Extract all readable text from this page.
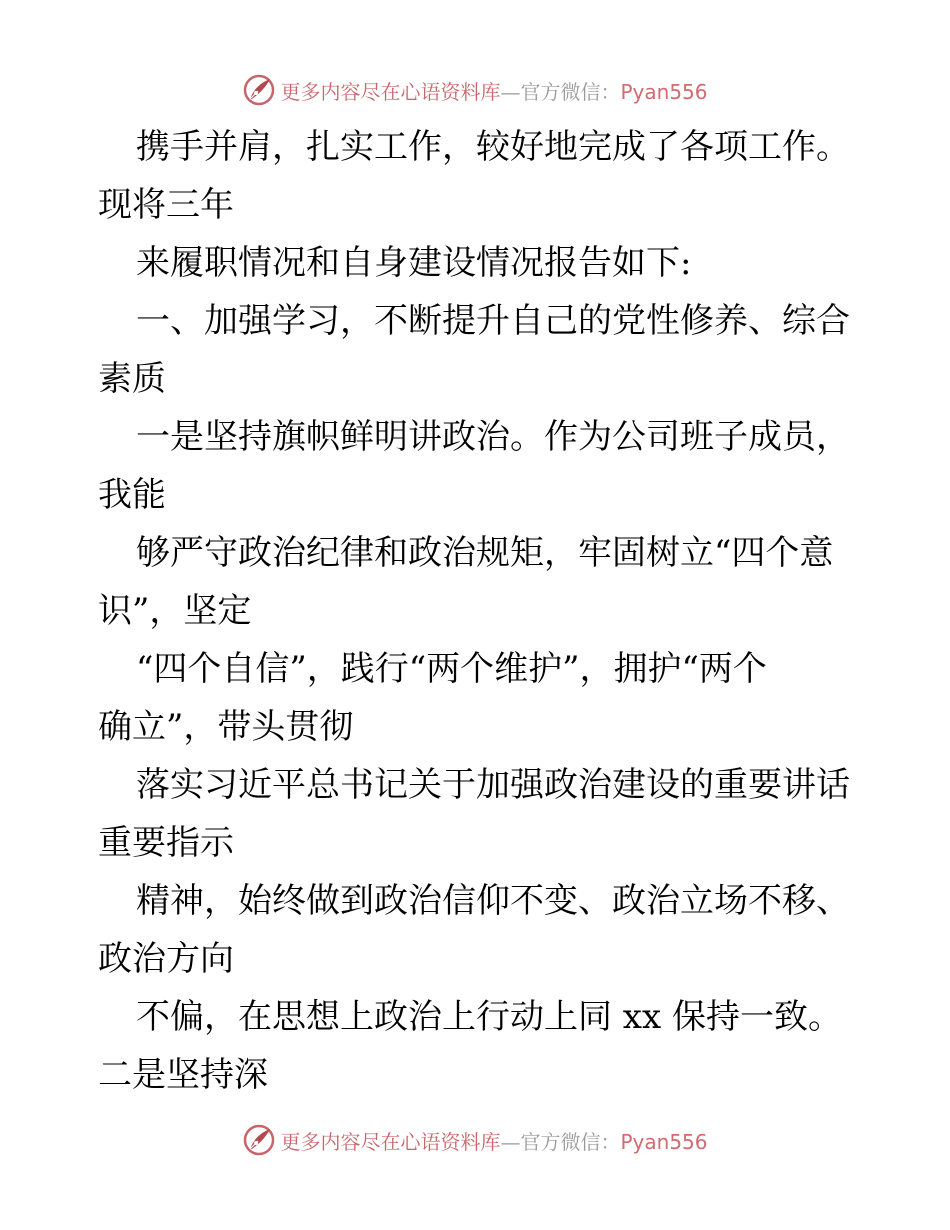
更多内容尽在心语资料库—官方微信：Pyan556
携手并肩，扎实工作，较好地完成了各项工作。
现将三年
来履职情况和自身建设情况报告如下:
一、加强学习，不断提升自己的党性修养、综合
素质
一是坚持旗帜鲜明讲政治。作为公司班子成员，
我能
够严守政治纪律和政治规矩，牢固树立“四个意
识”，坚定
“四个自信”，践行“两个维护”，拥护“两个
确立”，带头贯彻
落实习近平总书记关于加强政治建设的重要讲话
重要指示
精神，始终做到政治信仰不变、政治立场不移、
政治方向
不偏，在思想上政治上行动上同 xx 保持一致。
二是坚持深
更多内容尽在心语资料库—官方微信：Pyan556
